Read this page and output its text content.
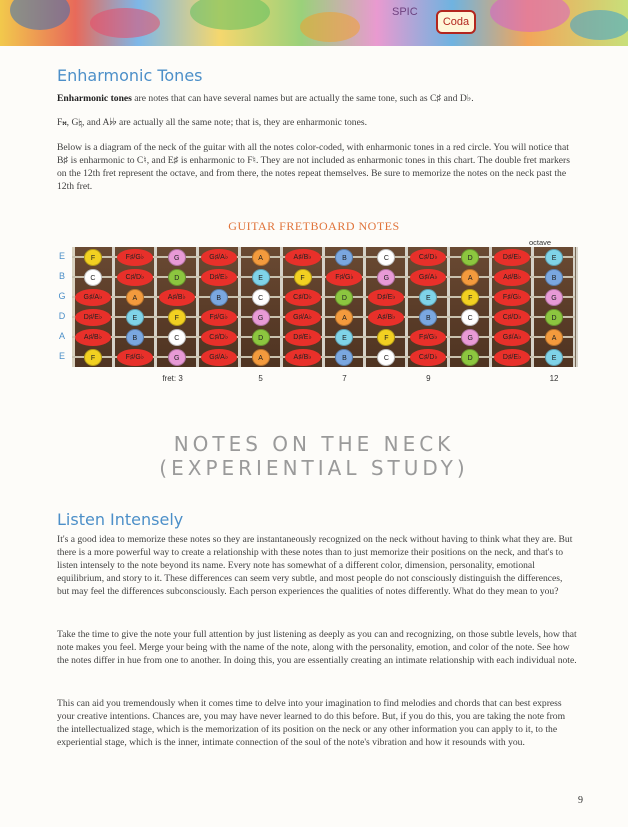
SPIC
Coda
Enharmonic Tones

Enharmonic tones are notes that can have several names but are actually the same tone, such as C♯ and D♭.

F𝄪, G♮, and A♭♭ are actually all the same note; that is, they are enharmonic tones.

Below is a diagram of the neck of the guitar with all the notes color-coded, with enharmonic tones in a red circle. You will notice that B♯ is enharmonic to C♮, and E♯ is enharmonic to F♮. They are not included as enharmonic tones in this chart. The double fret markers on the 12th fret represent the octave, and from there, the notes repeat themselves. Be sure to memorize the notes on the neck past the 12th fret.

GUITAR FRETBOARD NOTES
octave
E
B
G
D
A
E
F	F♯/G♭	G	G♯/A♭	A	A♯/B♭	B	C	C♯/D♭	D	D♯/E♭	E
C	C♯/D♭	D	D♯/E♭	E	F	F♯/G♭	G	G♯/A♭	A	A♯/B♭	B
G♯/A♭	A	A♯/B♭	B	C	C♯/D♭	D	D♯/E♭	E	F	F♯/G♭	G
D♯/E♭	E	F	F♯/G♭	G	G♯/A♭	A	A♯/B♭	B	C	C♯/D♭	D
A♯/B♭	B	C	C♯/D♭	D	D♯/E♭	E	F	F♯/G♭	G	G♯/A♭	A
F	F♯/G♭	G	G♯/A♭	A	A♯/B♭	B	C	C♯/D♭	D	D♯/E♭	E
NOTES ON THE NECK
(EXPERIENTIAL STUDY)
Listen Intensely

It's a good idea to memorize these notes so they are instantaneously recognized on the neck without having to think what they are. But there is a more powerful way to create a relationship with these notes than to just memorize their positions on the neck, and that's to listen intensely to the note beyond its name. Every note has somewhat of a different color, dimension, personality, emotional equilibrium, and story to it. These differences can seem very subtle, and most people do not consciously distinguish the differences, but may feel the differences subconsciously. Each person experiences the qualities of notes differently. What do they mean to you?

Take the time to give the note your full attention by just listening as deeply as you can and recognizing, on those subtle levels, how that note makes you feel. Merge your being with the name of the note, along with the personality, emotion, and color of the note. See how the notes differ in hue from one to another. In doing this, you are essentially creating an intimate relationship with each individual note.

This can aid you tremendously when it comes time to delve into your imagination to find melodies and chords that can best express your creative intentions. Chances are, you may have never learned to do this before. But, if you do this, you are taking the note from the intellectualized stage, which is the memorization of its position on the neck or any other information you can apply to it, to the experiential stage, which is the inner, intimate connection of the soul of the note's vibration and how it resounds with you.

9
fret: 3	5	7	9	12
